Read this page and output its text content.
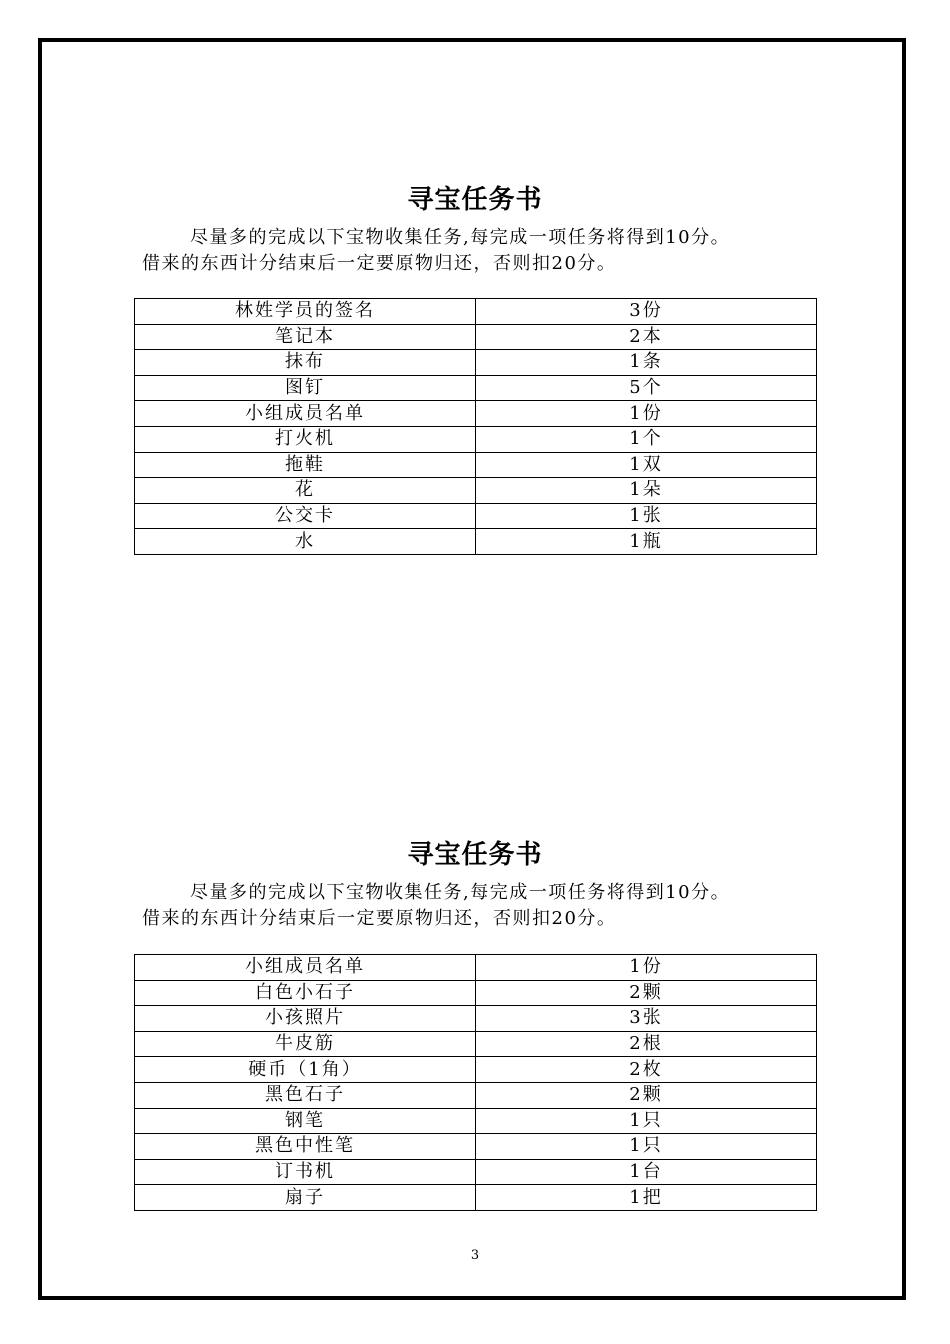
寻宝任务书
尽量多的完成以下宝物收集任务,每完成一项任务将得到10分。
借来的东西计分结束后一定要原物归还，否则扣20分。
林姓学员的签名	3份
笔记本	2本
抹布	1条
图钉	5个
小组成员名单	1份
打火机	1个
拖鞋	1双
花	1朵
公交卡	1张
水	1瓶
寻宝任务书
尽量多的完成以下宝物收集任务,每完成一项任务将得到10分。
借来的东西计分结束后一定要原物归还，否则扣20分。
小组成员名单	1份
白色小石子	2颗
小孩照片	3张
牛皮筋	2根
硬币（1角）	2枚
黑色石子	2颗
钢笔	1只
黑色中性笔	1只
订书机	1台
扇子	1把
3
